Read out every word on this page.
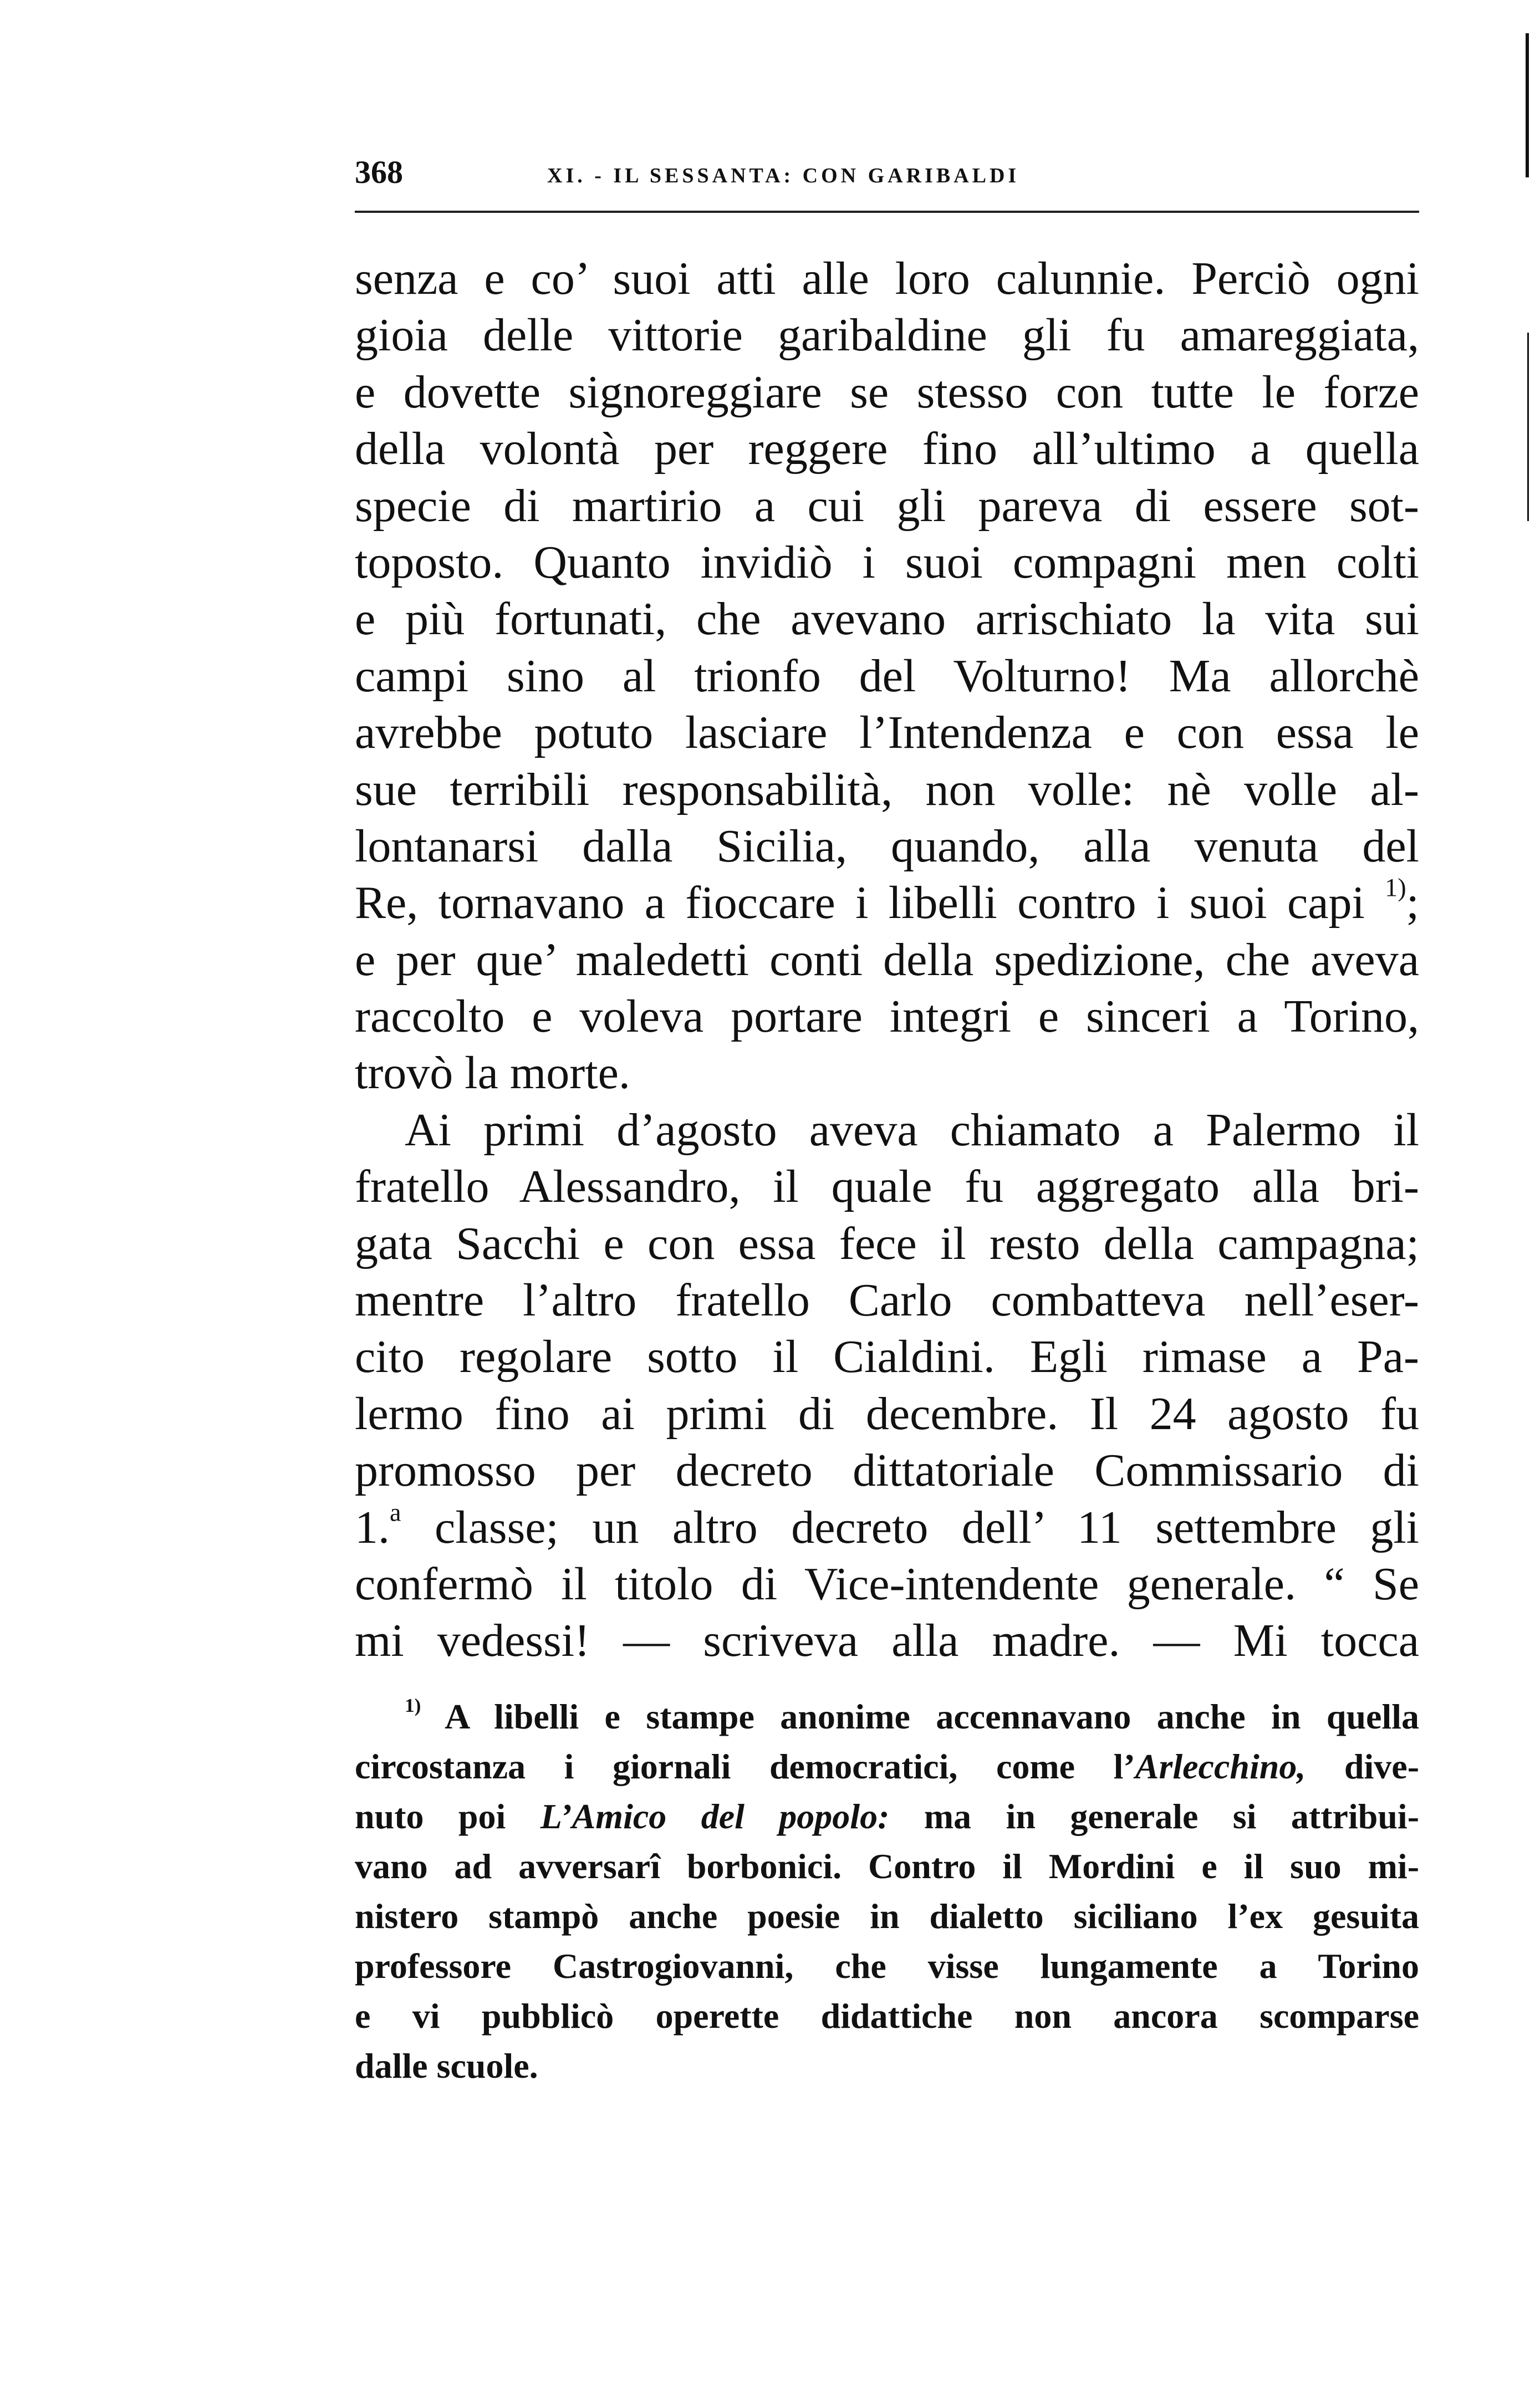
368	XI. - IL SESSANTA: CON GARIBALDI
senza e co’ suoi atti alle loro calunnie. Perciò ogni
gioia delle vittorie garibaldine gli fu amareggiata,
e dovette signoreggiare se stesso con tutte le forze
della volontà per reggere fino all’ultimo a quella
specie di martirio a cui gli pareva di essere sot-
toposto. Quanto invidiò i suoi compagni men colti
e più fortunati, che avevano arrischiato la vita sui
campi sino al trionfo del Volturno! Ma allorchè
avrebbe potuto lasciare l’Intendenza e con essa le
sue terribili responsabilità, non volle: nè volle al-
lontanarsi dalla Sicilia, quando, alla venuta del
Re, tornavano a fioccare i libelli contro i suoi capi $^{1)}$;
e per que’ maledetti conti della spedizione, che aveva
raccolto e voleva portare integri e sinceri a Torino,
trovò la morte.
Ai primi d’agosto aveva chiamato a Palermo il
fratello Alessandro, il quale fu aggregato alla bri-
gata Sacchi e con essa fece il resto della campagna;
mentre l’altro fratello Carlo combatteva nell’eser-
cito regolare sotto il Cialdini. Egli rimase a Pa-
lermo fino ai primi di decembre. Il 24 agosto fu
promosso per decreto dittatoriale Commissario di
1.$^a$ classe; un altro decreto dell’ 11 settembre gli
confermò il titolo di Vice-intendente generale. “ Se
mi vedessi! — scriveva alla madre. — Mi tocca
$^{1)}$ A libelli e stampe anonime accennavano anche in quella
circostanza i giornali democratici, come l’Arlecchino, dive-
nuto poi L’Amico del popolo: ma in generale si attribui-
vano ad avversarî borbonici. Contro il Mordini e il suo mi-
nistero stampò anche poesie in dialetto siciliano l’ex gesuita
professore Castrogiovanni, che visse lungamente a Torino
e vi pubblicò operette didattiche non ancora scomparse
dalle scuole.
